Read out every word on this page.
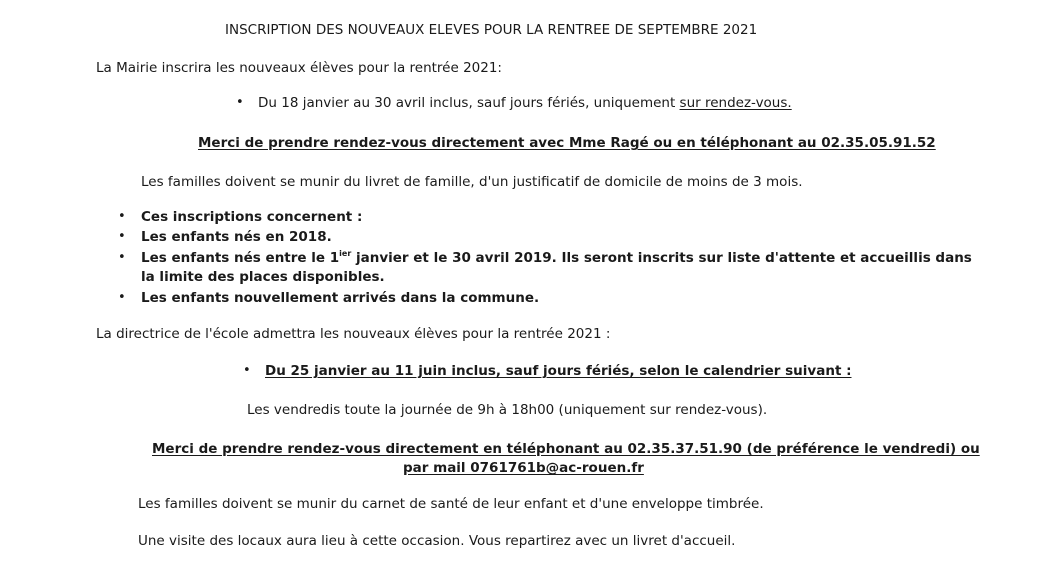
INSCRIPTION DES NOUVEAUX ELEVES POUR LA RENTREE DE SEPTEMBRE 2021
La Mairie inscrira les nouveaux élèves pour la rentrée 2021:
• Du 18 janvier au 30 avril inclus, sauf jours fériés, uniquement sur rendez-vous.
Merci de prendre rendez-vous directement avec Mme Ragé ou en téléphonant au 02.35.05.91.52
Les familles doivent se munir du livret de famille, d'un justificatif de domicile de moins de 3 mois.
• Ces inscriptions concernent :
• Les enfants nés en 2018.
• Les enfants nés entre le $1^{ier}$ janvier et le 30 avril 2019. Ils seront inscrits sur liste d'attente et accueillis dans
la limite des places disponibles.
• Les enfants nouvellement arrivés dans la commune.
La directrice de l'école admettra les nouveaux élèves pour la rentrée 2021 :
• Du 25 janvier au 11 juin inclus, sauf jours fériés, selon le calendrier suivant :
Les vendredis toute la journée de 9h à 18h00 (uniquement sur rendez-vous).
Merci de prendre rendez-vous directement en téléphonant au 02.35.37.51.90 (de préférence le vendredi) ou
par mail 0761761b@ac-rouen.fr
Les familles doivent se munir du carnet de santé de leur enfant et d'une enveloppe timbrée.
Une visite des locaux aura lieu à cette occasion. Vous repartirez avec un livret d'accueil.
